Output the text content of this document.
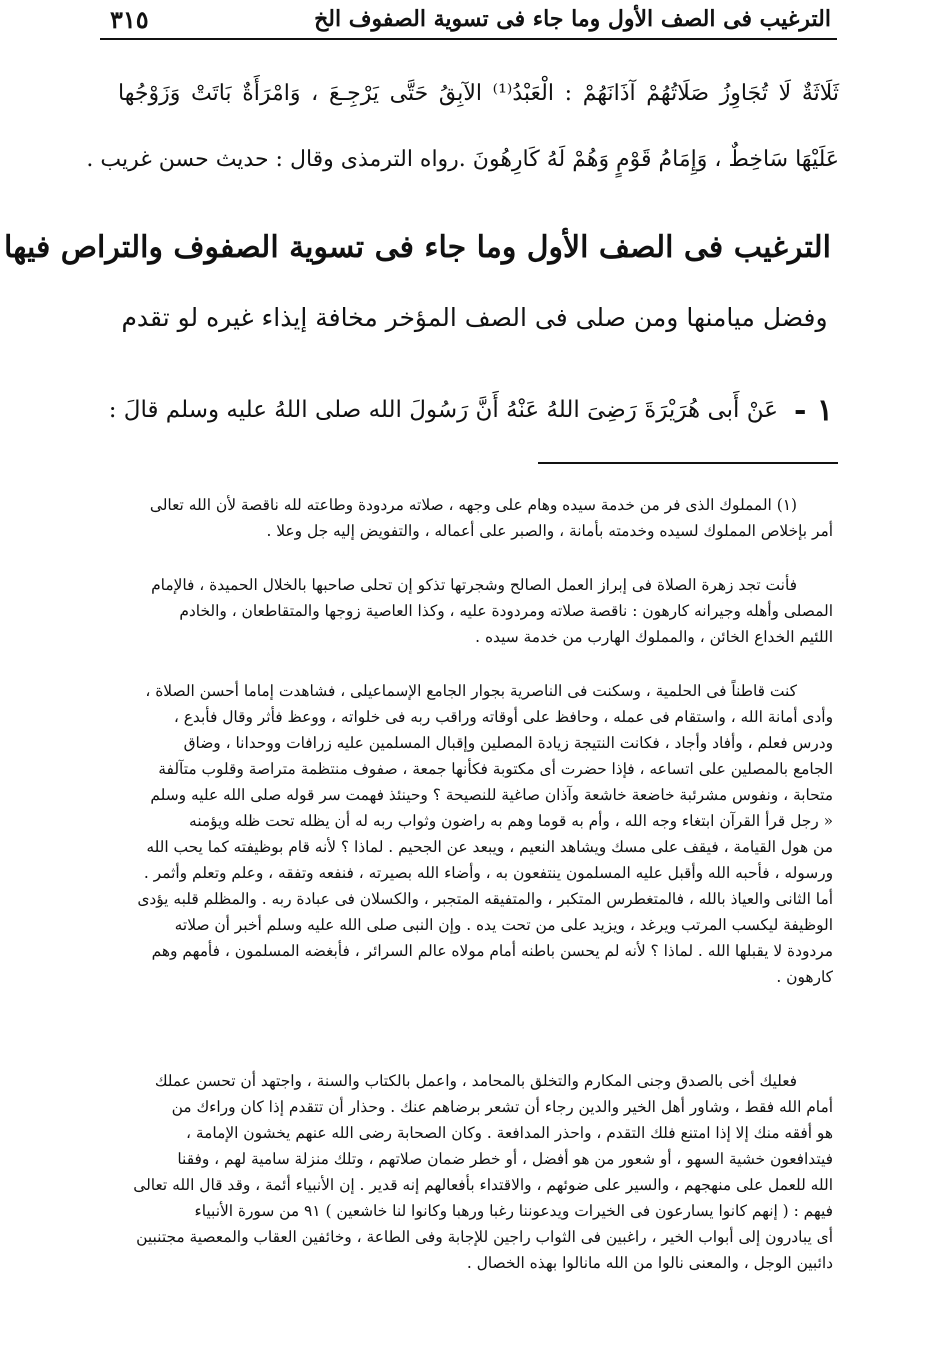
الترغيب فى الصف الأول وما جاء فى تسوية الصفوف الخ
٣١٥
ثَلَاثَةٌ لَا تُجَاوِزُ صَلَاتُهُمْ آذَانَهُمْ : الْعَبْدُ⁽¹⁾ الآبِقُ حَتَّى يَرْجِـعَ ، وَامْرَأَةٌ بَاتَتْ وَزَوْجُها
عَلَيْهَا سَاخِطٌ ، وَإِمَامُ قَوْمٍ وَهُمْ لَهُ كَارِهُونَ .رواه الترمذى وقال : حديث حسن غريب .
الترغيب فى الصف الأول وما جاء فى تسوية الصفوف والتراص فيها
وفضل ميامنها ومن صلى فى الصف المؤخر مخافة إيذاء غيره لو تقدم
١ -
عَنْ أَبى هُرَيْرَةَ رَضِىَ اللهُ عَنْهُ أَنَّ رَسُولَ الله صلى اللهُ عليه وسلم قالَ :
(١) المملوك الذى فر من خدمة سيده وهام على وجهه ، صلاته مردودة وطاعته لله ناقصة لأن الله تعالى
أمر بإخلاص المملوك لسيده وخدمته بأمانة ، والصبر على أعماله ، والتفويض إليه جل وعلا .
فأنت تجد زهرة الصلاة فى إبراز العمل الصالح وشجرتها تذكو إن تحلى صاحبها بالخلال الحميدة ، فالإمام
المصلى وأهله وجيرانه كارهون : ناقصة صلاته ومردودة عليه ، وكذا العاصية زوجها والمتقاطعان ، والخادم
اللئيم الخداع الخائن ، والمملوك الهارب من خدمة سيده .
كنت قاطناً فى الحلمية ، وسكنت فى الناصرية بجوار الجامع الإسماعيلى ، فشاهدت إماما أحسن الصلاة ،
وأدى أمانة الله ، واستقام فى عمله ، وحافظ على أوقاته وراقب ربه فى خلواته ، ووعظ فأثر وقال فأبدع ،
ودرس فعلم ، وأفاد وأجاد ، فكانت النتيجة زيادة المصلين وإقبال المسلمين عليه زرافات ووحدانا ، وضاق
الجامع بالمصلين على اتساعه ، فإذا حضرت أى مكتوبة فكأنها جمعة ، صفوف منتظمة متراصة وقلوب متآلفة
متحابة ، ونفوس مشرئبة خاضعة خاشعة وآذان صاغية للنصيحة ؟ وحينئذ فهمت سر قوله صلى الله عليه وسلم
« رجل قرأ القرآن ابتغاء وجه الله ، وأم به قوما وهم به راضون وثواب ربه له أن يظله تحت ظله ويؤمنه
من هول القيامة ، فيقف على مسك ويشاهد النعيم ، ويبعد عن الجحيم . لماذا ؟ لأنه قام بوظيفته كما يحب الله
ورسوله ، فأحبه الله وأقبل عليه المسلمون ينتفعون به ، وأضاء الله بصيرته ، فنفعه وتفقه ، وعلم وتعلم وأثمر .
أما الثانى والعياذ بالله ، فالمتغطرس المتكبر ، والمتفيقه المتجبر ، والكسلان فى عبادة ربه . والمظلم قلبه يؤدى
الوظيفة ليكسب المرتب ويرغد ، ويزيد على من تحت يده . وإن النبى صلى الله عليه وسلم أخبر أن صلاته
مردودة لا يقبلها الله . لماذا ؟ لأنه لم يحسن باطنه أمام مولاه عالم السرائر ، فأبغضه المسلمون ، فأمهم وهم
كارهون .
فعليك أخى بالصدق وجنى المكارم والتخلق بالمحامد ، واعمل بالكتاب والسنة ، واجتهد أن تحسن عملك
أمام الله فقط ، وشاور أهل الخير والدين رجاء أن تشعر برضاهم عنك . وحذار أن تتقدم إذا كان وراءك من
هو أفقه منك إلا إذا امتنع فلك التقدم ، واحذر المدافعة . وكان الصحابة رضى الله عنهم يخشون الإمامة ،
فيتدافعون خشية السهو ، أو شعور من هو أفضل ، أو خطر ضمان صلاتهم ، وتلك منزلة سامية لهم ، وفقنا
الله للعمل على منهجهم ، والسير على ضوئهم ، والاقتداء بأفعالهم إنه قدير . إن الأنبياء أئمة ، وقد قال الله تعالى
فيهم : ( إنهم كانوا يسارعون فى الخيرات ويدعوننا رغبا ورهبا وكانوا لنا خاشعين ) ٩١ من سورة الأنبياء
أى يبادرون إلى أبواب الخير ، راغبين فى الثواب راجين للإجابة وفى الطاعة ، وخائفين العقاب والمعصية مجتنبين
دائبين الوجل ، والمعنى نالوا من الله مانالوا بهذه الخصال .
